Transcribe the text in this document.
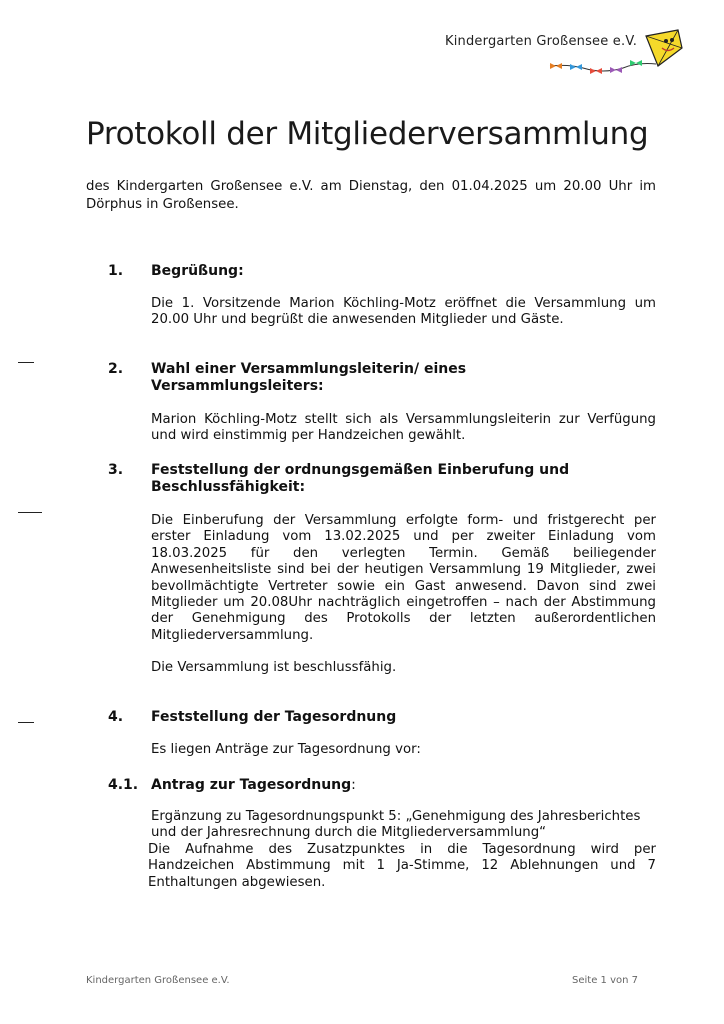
Kindergarten Großensee e.V.
Protokoll der Mitgliederversammlung
des Kindergarten Großensee e.V. am Dienstag, den 01.04.2025 um 20.00 Uhr im Dörphus in Großensee.
1. Begrüßung:

Die 1. Vorsitzende Marion Köchling-Motz eröffnet die Versammlung um 20.00 Uhr und begrüßt die anwesenden Mitglieder und Gäste.

2. Wahl einer Versammlungsleiterin/ eines Versammlungsleiters:

Marion Köchling-Motz stellt sich als Versammlungsleiterin zur Verfügung und wird einstimmig per Handzeichen gewählt.

3. Feststellung der ordnungsgemäßen Einberufung und Beschlussfähigkeit:

Die Einberufung der Versammlung erfolgte form- und fristgerecht per erster Einladung vom 13.02.2025 und per zweiter Einladung vom 18.03.2025 für den verlegten Termin. Gemäß beiliegender Anwesenheitsliste sind bei der heutigen Versammlung 19 Mitglieder, zwei bevollmächtigte Vertreter sowie ein Gast anwesend. Davon sind zwei Mitglieder um 20.08Uhr nachträglich eingetroffen – nach der Abstimmung der Genehmigung des Protokolls der letzten außerordentlichen Mitgliederversammlung.

Die Versammlung ist beschlussfähig.

4. Feststellung der Tagesordnung

Es liegen Anträge zur Tagesordnung vor:

4.1. Antrag zur Tagesordnung:

Ergänzung zu Tagesordnungspunkt 5: „Genehmigung des Jahresberichtes und der Jahresrechnung durch die Mitgliederversammlung“

Die Aufnahme des Zusatzpunktes in die Tagesordnung wird per Handzeichen Abstimmung mit 1 Ja-Stimme, 12 Ablehnungen und 7 Enthaltungen abgewiesen.

Kindergarten Großensee e.V.	Seite 1 von 7
